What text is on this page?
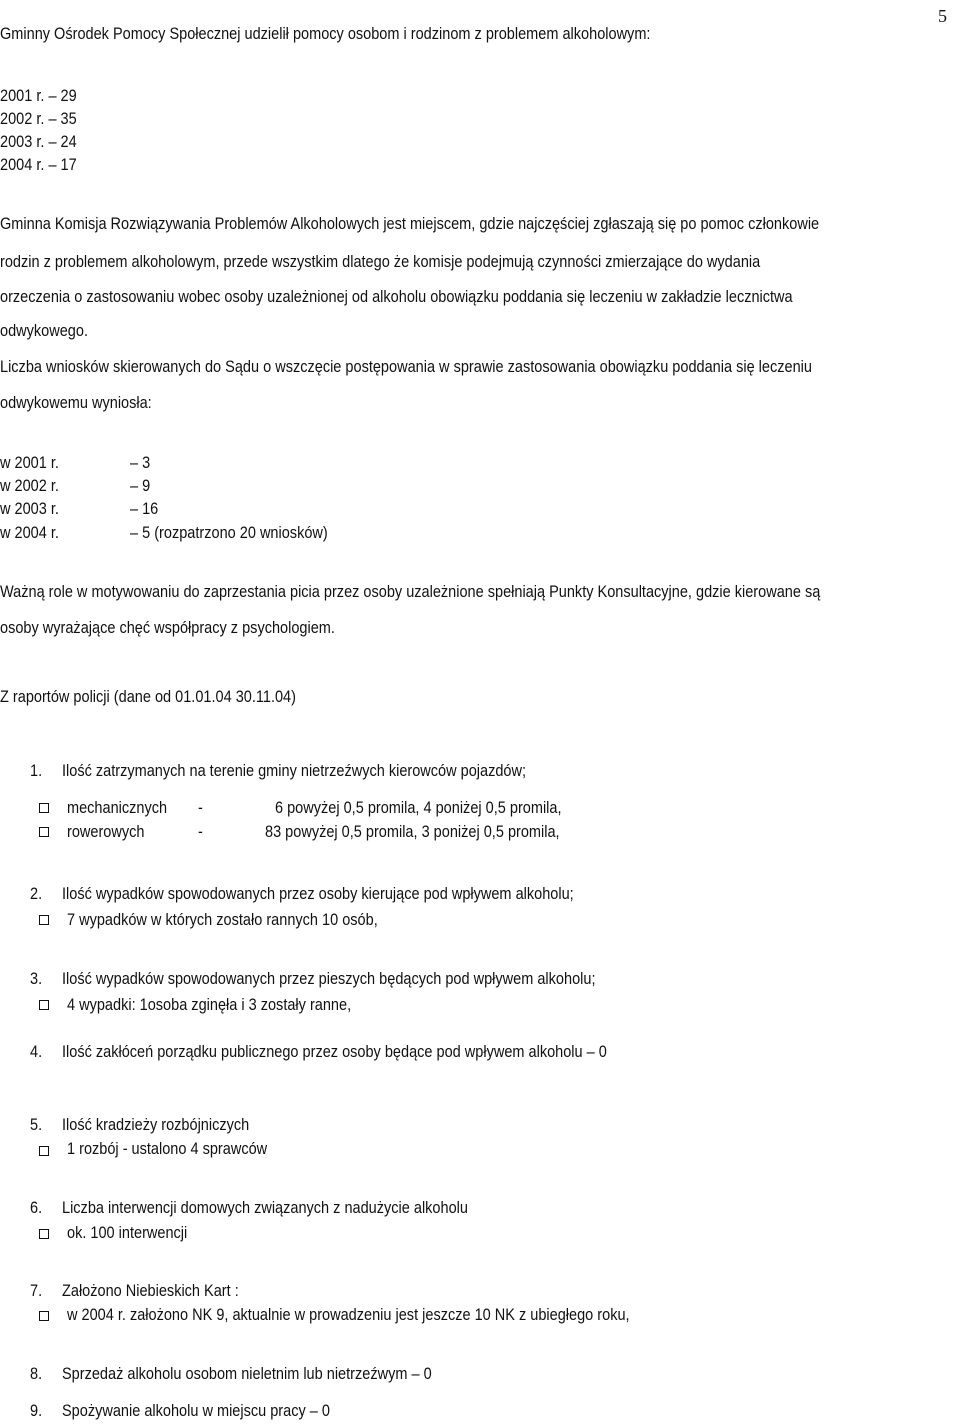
5
Gminny Ośrodek Pomocy Społecznej udzielił pomocy osobom i rodzinom z problemem alkoholowym:
2001 r. – 29
2002 r. – 35
2003 r. – 24
2004 r. – 17
Gminna Komisja Rozwiązywania Problemów Alkoholowych jest miejscem, gdzie najczęściej zgłaszają się po pomoc członkowie
rodzin z problemem alkoholowym, przede wszystkim dlatego że komisje podejmują czynności zmierzające do wydania
orzeczenia o zastosowaniu wobec osoby uzależnionej od alkoholu obowiązku poddania się leczeniu w zakładzie lecznictwa
odwykowego.
Liczba wniosków skierowanych do Sądu o wszczęcie postępowania w sprawie zastosowania obowiązku poddania się leczeniu
odwykowemu wyniosła:
w 2001 r.	– 3
w 2002 r.	– 9
w 2003 r.	– 16
w 2004 r.	– 5 (rozpatrzono 20 wniosków)
Ważną role w motywowaniu do zaprzestania picia przez osoby uzależnione spełniają Punkty Konsultacyjne, gdzie kierowane są
osoby wyrażające chęć współpracy z psychologiem.
Z raportów policji (dane od 01.01.04 30.11.04)
1. Ilość zatrzymanych na terenie gminy nietrzeźwych kierowców pojazdów;
mechanicznych -	6 powyżej 0,5 promila, 4 poniżej 0,5 promila,
rowerowych	-	83 powyżej 0,5 promila, 3 poniżej 0,5 promila,
2. Ilość wypadków spowodowanych przez osoby kierujące pod wpływem alkoholu;
7 wypadków w których zostało rannych 10 osób,
3. Ilość wypadków spowodowanych przez pieszych będących pod wpływem alkoholu;
4 wypadki: 1osoba zginęła i 3 zostały ranne,
4. Ilość zakłóceń porządku publicznego przez osoby będące pod wpływem alkoholu – 0
5. Ilość kradzieży rozbójniczych
1 rozbój - ustalono 4 sprawców
6. Liczba interwencji domowych związanych z nadużycie alkoholu
ok. 100 interwencji
7. Założono Niebieskich Kart :
w 2004 r. założono NK 9, aktualnie w prowadzeniu jest jeszcze 10 NK z ubiegłego roku,
8. Sprzedaż alkoholu osobom nieletnim lub nietrzeźwym – 0
9. Spożywanie alkoholu w miejscu pracy – 0
